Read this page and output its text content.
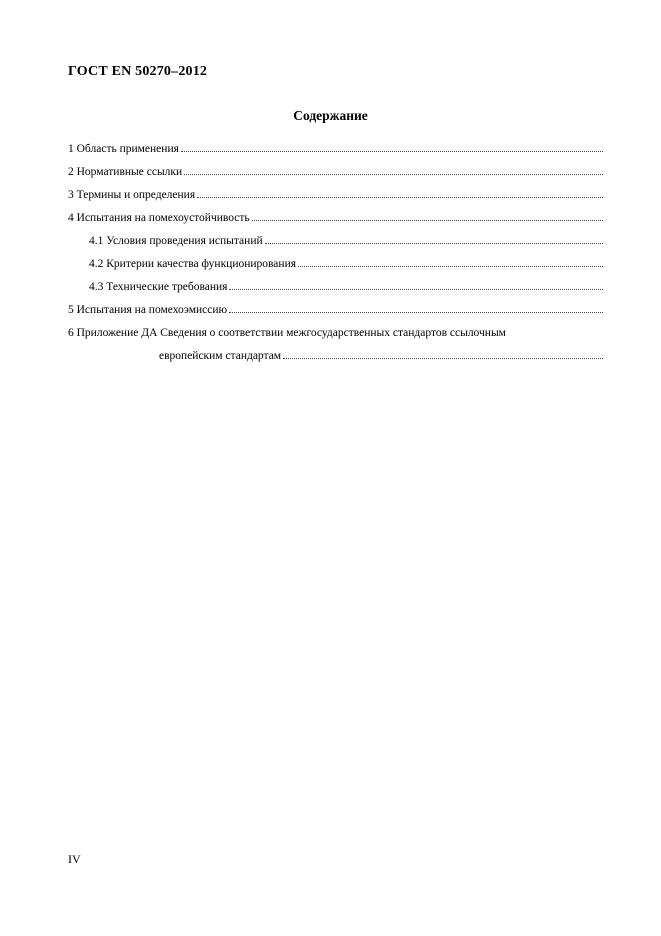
ГОСТ EN 50270–2012
Содержание
1 Область применения
2 Нормативные ссылки
3 Термины и определения
4 Испытания на помехоустойчивость
4.1 Условия проведения испытаний
4.2 Критерии качества функционирования
4.3 Технические требования
5 Испытания на помехоэмиссию
6 Приложение ДА Сведения о соответствии межгосударственных стандартов ссылочным
европейским стандартам
IV
